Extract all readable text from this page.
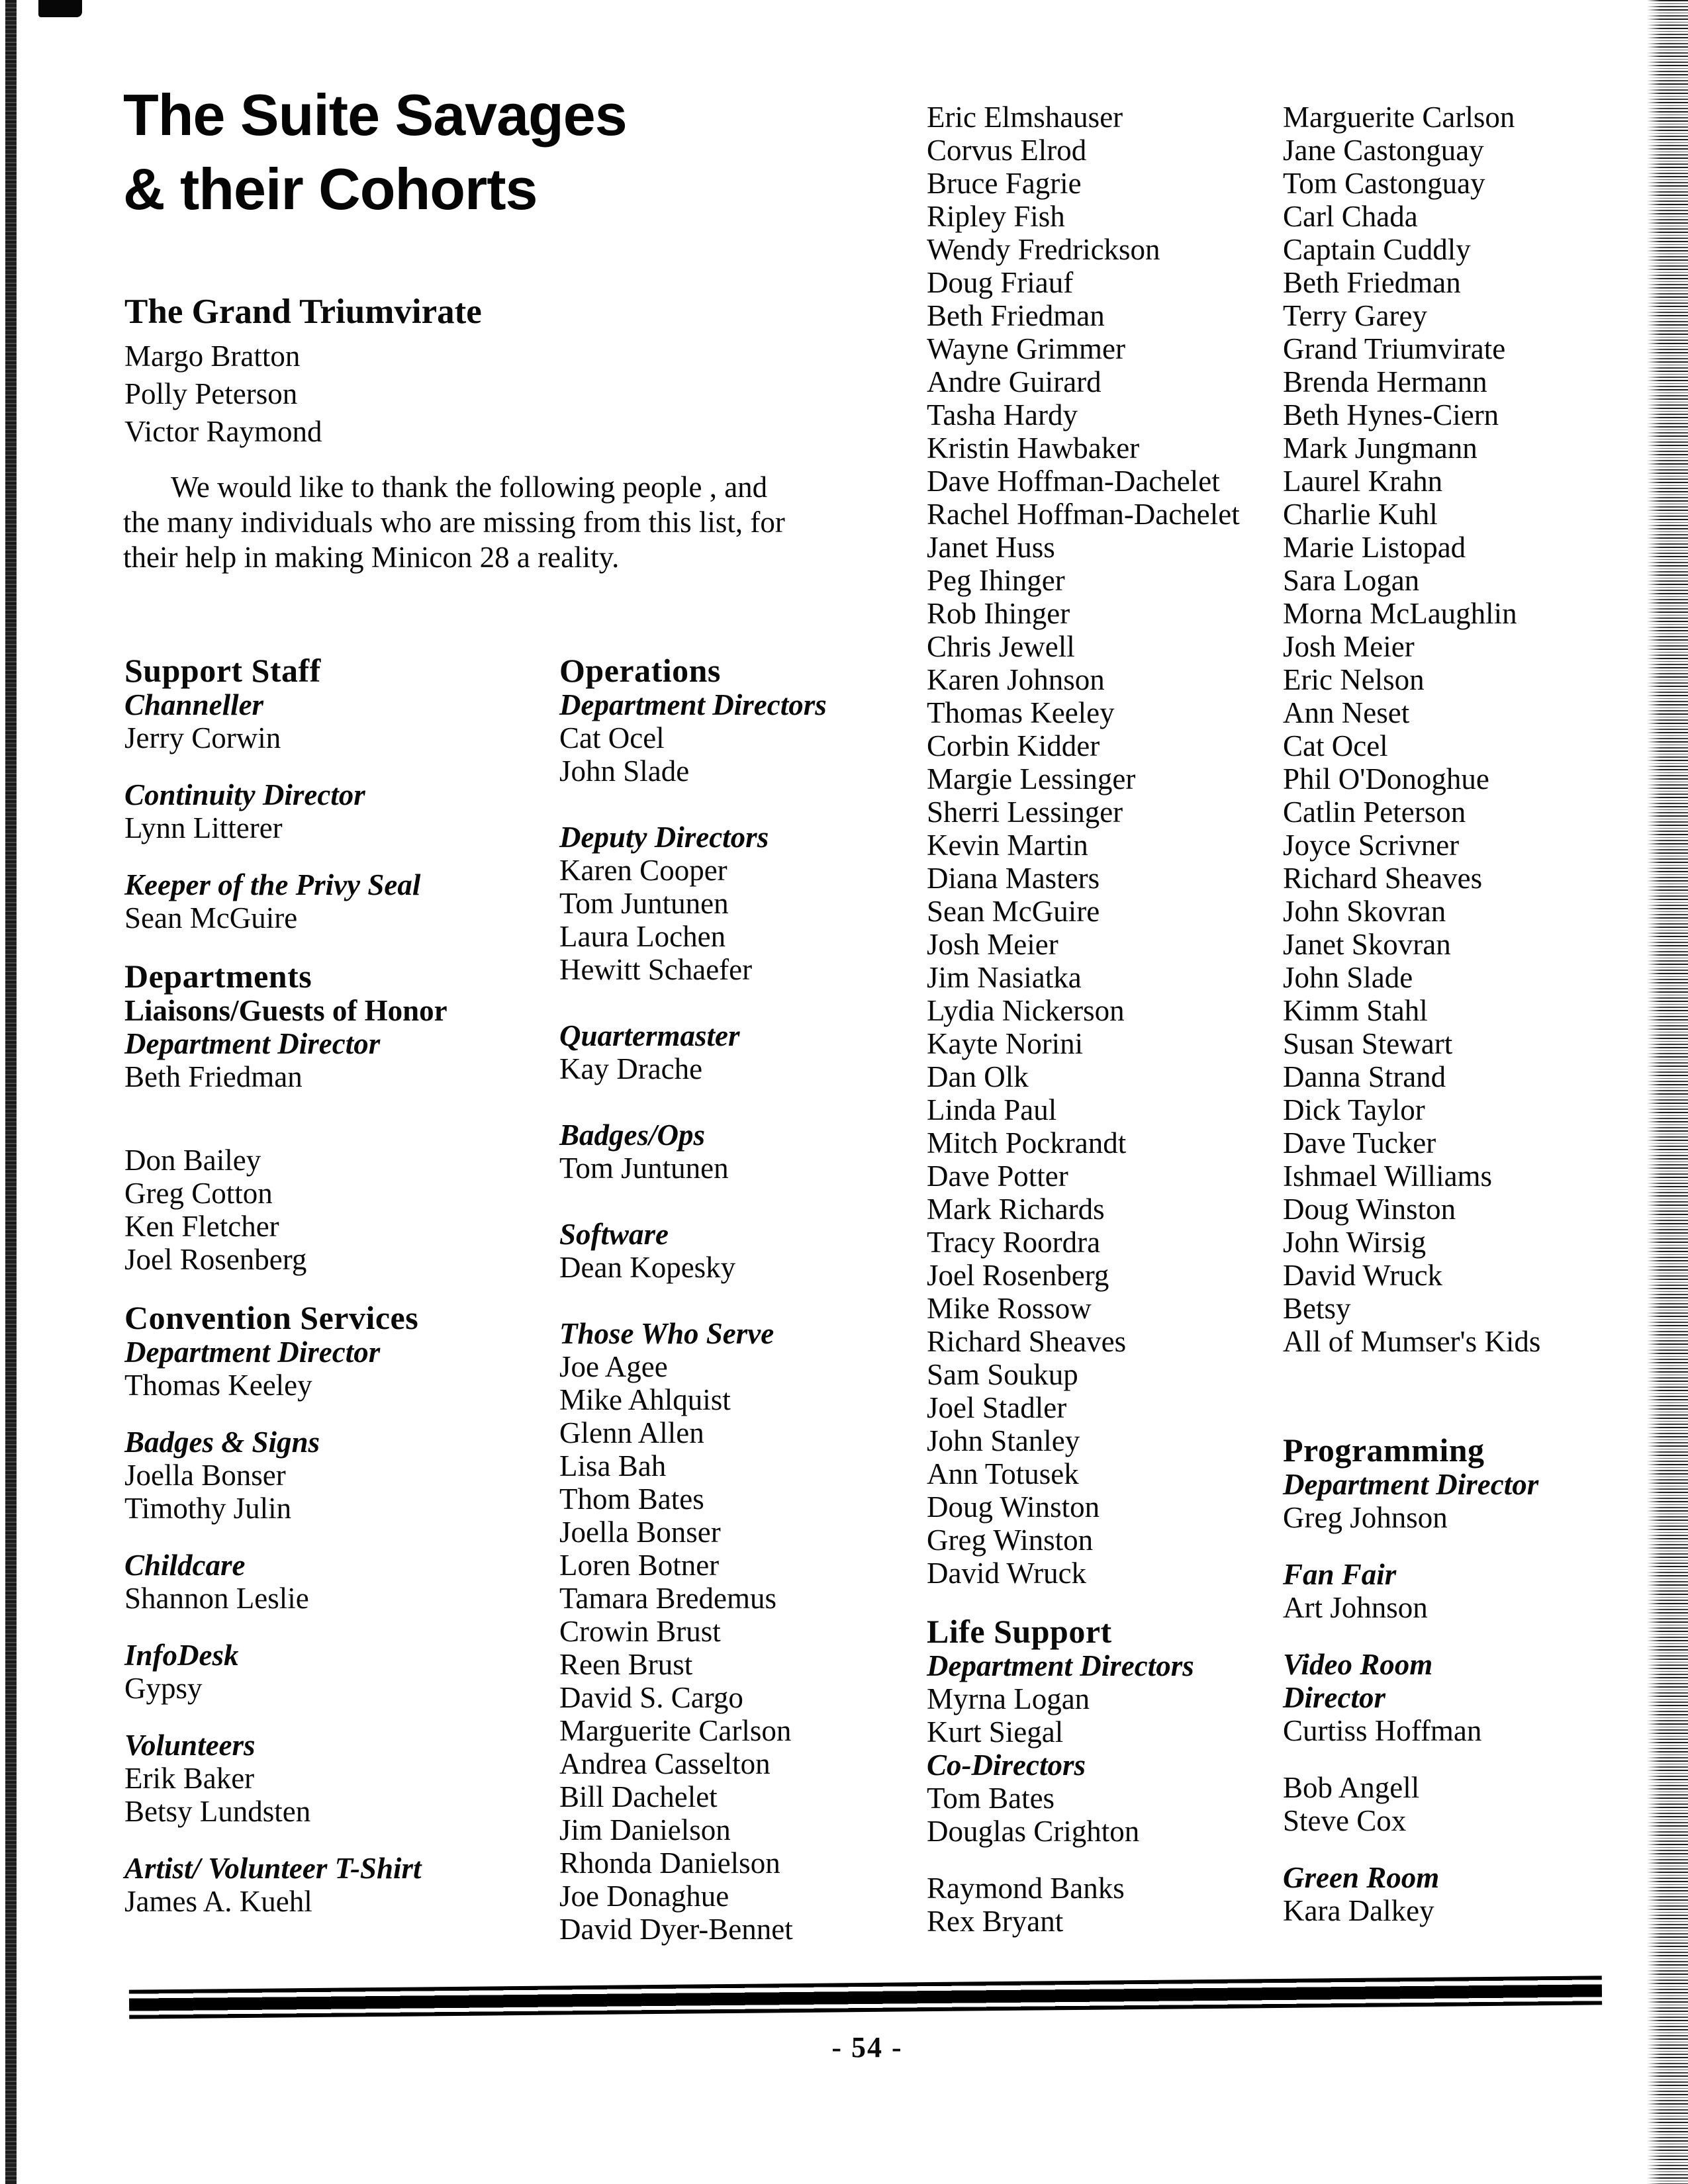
The Suite Savages
& their Cohorts
The Grand Triumvirate
Margo Bratton
Polly Peterson
Victor Raymond
We would like to thank the following people , and
the many individuals who are missing from this list, for
their help in making Minicon 28 a reality.
Support Staff
Channeller
Jerry Corwin
Continuity Director
Lynn Litterer
Keeper of the Privy Seal
Sean McGuire
Departments
Liaisons/Guests of Honor
Department Director
Beth Friedman
Don Bailey
Greg Cotton
Ken Fletcher
Joel Rosenberg
Convention Services
Department Director
Thomas Keeley
Badges & Signs
Joella Bonser
Timothy Julin
Childcare
Shannon Leslie
InfoDesk
Gypsy
Volunteers
Erik Baker
Betsy Lundsten
Artist/ Volunteer T-Shirt
James A. Kuehl
Operations
Department Directors
Cat Ocel
John Slade
Deputy Directors
Karen Cooper
Tom Juntunen
Laura Lochen
Hewitt Schaefer
Quartermaster
Kay Drache
Badges/Ops
Tom Juntunen
Software
Dean Kopesky
Those Who Serve
Joe Agee
Mike Ahlquist
Glenn Allen
Lisa Bah
Thom Bates
Joella Bonser
Loren Botner
Tamara Bredemus
Crowin Brust
Reen Brust
David S. Cargo
Marguerite Carlson
Andrea Casselton
Bill Dachelet
Jim Danielson
Rhonda Danielson
Joe Donaghue
David Dyer-Bennet
Eric Elmshauser
Corvus Elrod
Bruce Fagrie
Ripley Fish
Wendy Fredrickson
Doug Friauf
Beth Friedman
Wayne Grimmer
Andre Guirard
Tasha Hardy
Kristin Hawbaker
Dave Hoffman-Dachelet
Rachel Hoffman-Dachelet
Janet Huss
Peg Ihinger
Rob Ihinger
Chris Jewell
Karen Johnson
Thomas Keeley
Corbin Kidder
Margie Lessinger
Sherri Lessinger
Kevin Martin
Diana Masters
Sean McGuire
Josh Meier
Jim Nasiatka
Lydia Nickerson
Kayte Norini
Dan Olk
Linda Paul
Mitch Pockrandt
Dave Potter
Mark Richards
Tracy Roordra
Joel Rosenberg
Mike Rossow
Richard Sheaves
Sam Soukup
Joel Stadler
John Stanley
Ann Totusek
Doug Winston
Greg Winston
David Wruck
Life Support
Department Directors
Myrna Logan
Kurt Siegal
Co-Directors
Tom Bates
Douglas Crighton
Raymond Banks
Rex Bryant
Marguerite Carlson
Jane Castonguay
Tom Castonguay
Carl Chada
Captain Cuddly
Beth Friedman
Terry Garey
Grand Triumvirate
Brenda Hermann
Beth Hynes-Ciern
Mark Jungmann
Laurel Krahn
Charlie Kuhl
Marie Listopad
Sara Logan
Morna McLaughlin
Josh Meier
Eric Nelson
Ann Neset
Cat Ocel
Phil O'Donoghue
Catlin Peterson
Joyce Scrivner
Richard Sheaves
John Skovran
Janet Skovran
John Slade
Kimm Stahl
Susan Stewart
Danna Strand
Dick Taylor
Dave Tucker
Ishmael Williams
Doug Winston
John Wirsig
David Wruck
Betsy
All of Mumser's Kids
Programming
Department Director
Greg Johnson
Fan Fair
Art Johnson
Video Room
Director
Curtiss Hoffman
Bob Angell
Steve Cox
Green Room
Kara Dalkey
- 54 -
